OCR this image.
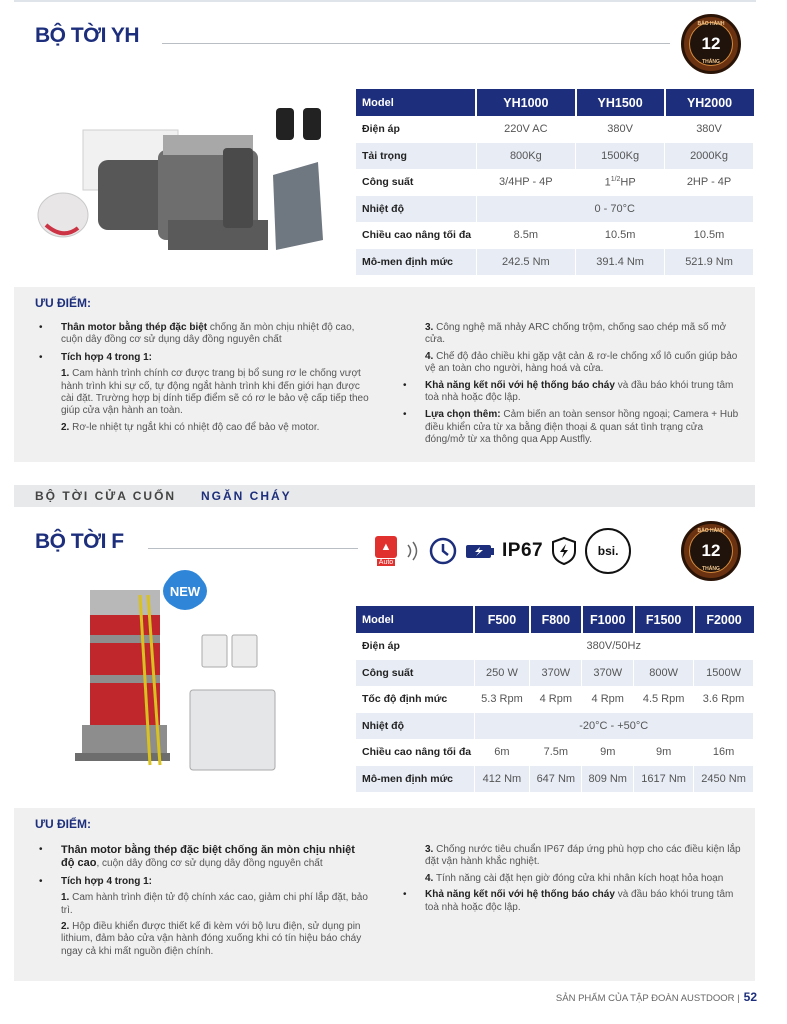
BỘ TỜI YH	BẢO HÀNH
12
THÁNG
Model	YH1000	YH1500	YH2000
Điện áp	220V AC	380V	380V
Tải trọng	800Kg	1500Kg	2000Kg
Công suất	3/4HP - 4P	$1^{1/2}HP$	2HP - 4P
Nhiệt độ	0 - 70°C		
Chiều cao nâng tối đa	8.5m	10.5m	10.5m
Mô-men định mức	242.5 Nm	391.4 Nm	521.9 Nm
ƯU ĐIỂM:
• Thân motor bằng thép đặc biệt chống ăn mòn chịu nhiệt độ cao, cuộn dây đồng cơ sử dụng dây đồng nguyên chất
• Tích hợp 4 trong 1:
1. Cam hành trình chính cơ được trang bị bổ sung rơ le chống vượt hành trình khi sự cố, tự động ngắt hành trình khi đến giới hạn được cài đặt. Trường hợp bị dính tiếp điểm sẽ có rơ le bảo vệ cấp tiếp theo giúp cửa vận hành an toàn.
2. Rơ-le nhiệt tự ngắt khi có nhiệt độ cao để bảo vệ motor.
3. Công nghệ mã nhảy ARC chống trộm, chống sao chép mã số mở cửa.
4. Chế độ đảo chiều khi gặp vật cản & rơ-le chống xổ lô cuốn giúp bảo vệ an toàn cho người, hàng hoá và cửa.
• Khả năng kết nối với hệ thống báo cháy và đầu báo khói trung tâm toà nhà hoặc độc lập.
• Lựa chọn thêm: Cảm biến an toàn sensor hồng ngoại; Camera + Hub điều khiển cửa từ xa bằng điện thoại & quan sát tình trạng cửa đóng/mở từ xa thông qua App Austfly.
BỘ TỜI CỬA CUỐN NGĂN CHÁY
BỘ TỜI F	▲
Auto
IP67	bsi.
BẢO HÀNH
12
THÁNG
NEW
Model	F500	F800	F1000	F1500	F2000
Điện áp	380V/50Hz				
Công suất	250 W	370W	370W	800W	1500W
Tốc độ định mức	5.3 Rpm	4 Rpm	4 Rpm	4.5 Rpm	3.6 Rpm
Nhiệt độ	-20°C - +50°C				
Chiều cao nâng tối đa	6m	7.5m	9m	9m	16m
Mô-men định mức	412 Nm	647 Nm	809 Nm	1617 Nm	2450 Nm
ƯU ĐIỂM:
• Thân motor bằng thép đặc biệt chống ăn mòn chịu nhiệt độ cao, cuộn dây đồng cơ sử dụng dây đồng nguyên chất
• Tích hợp 4 trong 1:
1. Cam hành trình điện tử độ chính xác cao, giảm chi phí lắp đặt, bảo trì.
2. Hộp điều khiển được thiết kế đi kèm với bộ lưu điện, sử dụng pin lithium, đảm bảo cửa vận hành đóng xuống khi có tín hiệu báo cháy ngay cả khi mất nguồn điện chính.
3. Chống nước tiêu chuẩn IP67 đáp ứng phù hợp cho các điều kiện lắp đặt vận hành khắc nghiệt.
4. Tính năng cài đặt hẹn giờ đóng cửa khi nhân kích hoạt hỏa hoạn
• Khả năng kết nối với hệ thống báo cháy và đầu báo khói trung tâm toà nhà hoặc độc lập.
SẢN PHẨM CỦA TẬP ĐOÀN AUSTDOOR | 52
